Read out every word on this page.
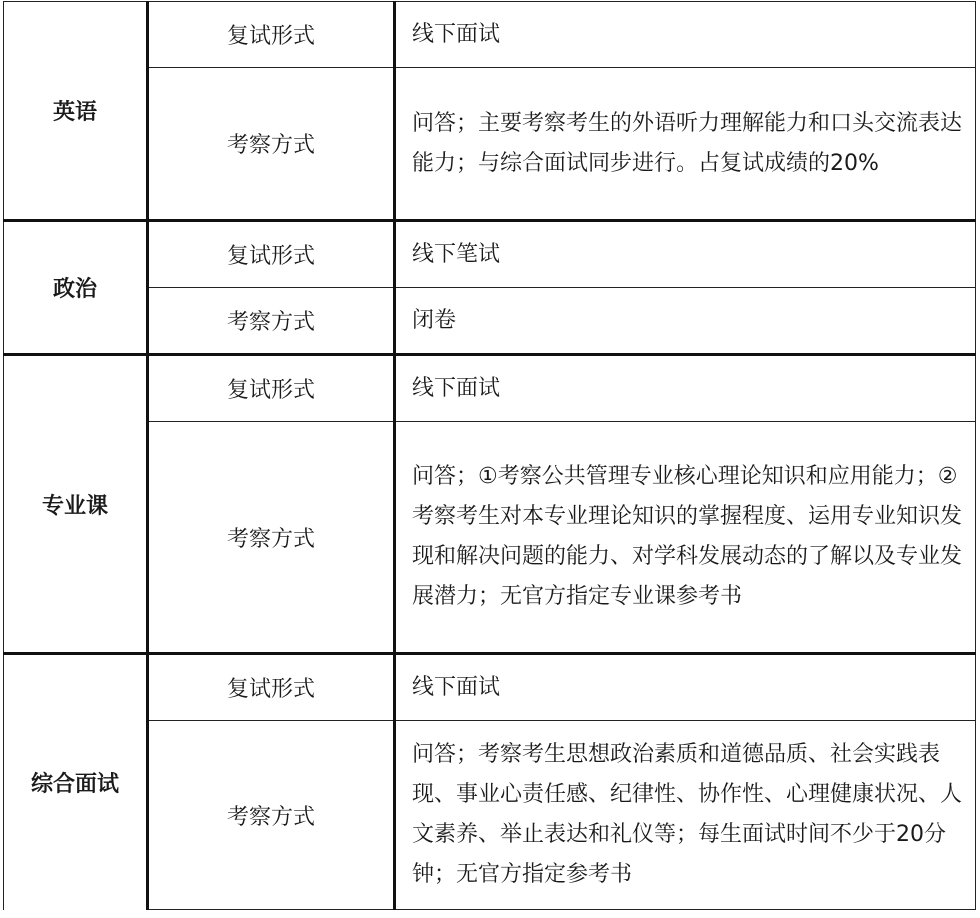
英语	复试形式	线下面试
	考察方式	问答；主要考察考生的外语听力理解能力和口头交流表达能力；与综合面试同步进行。占复试成绩的20%
政治	复试形式	线下笔试
	考察方式	闭卷
专业课	复试形式	线下面试
	考察方式	问答；①考察公共管理专业核心理论知识和应用能力；②考察考生对本专业理论知识的掌握程度、运用专业知识发现和解决问题的能力、对学科发展动态的了解以及专业发展潜力；无官方指定专业课参考书
综合面试	复试形式	线下面试
	考察方式	问答；考察考生思想政治素质和道德品质、社会实践表现、事业心责任感、纪律性、协作性、心理健康状况、人文素养、举止表达和礼仪等；每生面试时间不少于20分钟；无官方指定参考书
